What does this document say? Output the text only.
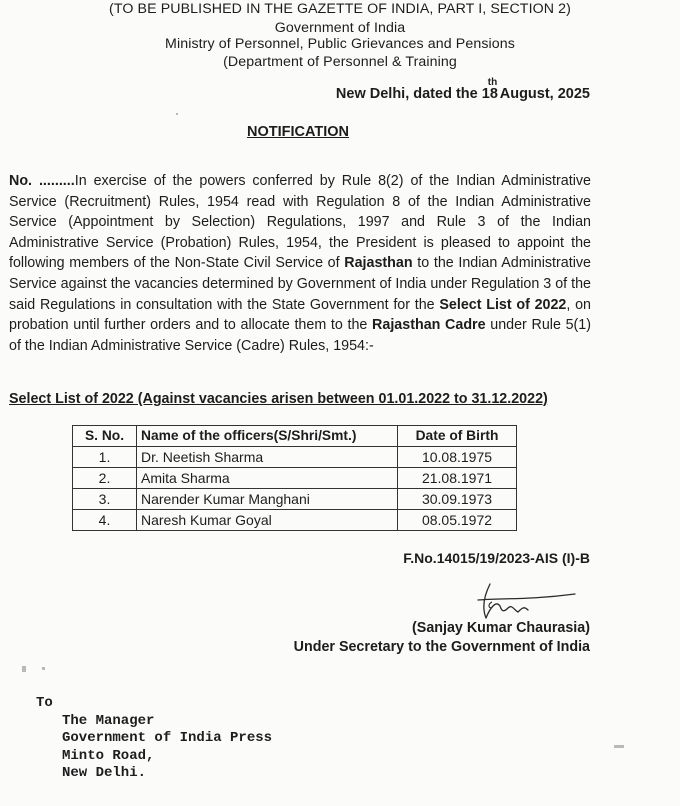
(TO BE PUBLISHED IN THE GAZETTE OF INDIA, PART I, SECTION 2)
Government of India
Ministry of Personnel, Public Grievances and Pensions
(Department of Personnel & Training
New Delhi, dated the 18
th
August, 2025
NOTIFICATION
No. .........In exercise of the powers conferred by Rule 8(2) of the Indian Administrative Service (Recruitment) Rules, 1954 read with Regulation 8 of the Indian Administrative Service (Appointment by Selection) Regulations, 1997 and Rule 3 of the Indian Administrative Service (Probation) Rules, 1954, the President is pleased to appoint the following members of the Non-State Civil Service of Rajasthan to the Indian Administrative Service against the vacancies determined by Government of India under Regulation 3 of the said Regulations in consultation with the State Government for the Select List of 2022, on probation until further orders and to allocate them to the Rajasthan Cadre under Rule 5(1) of the Indian Administrative Service (Cadre) Rules, 1954:-
Select List of 2022 (Against vacancies arisen between 01.01.2022 to 31.12.2022)
S. No.	Name of the officers(S/Shri/Smt.)	Date of Birth
1.	Dr. Neetish Sharma	10.08.1975
2.	Amita Sharma	21.08.1971
3.	Narender Kumar Manghani	30.09.1973
4.	Naresh Kumar Goyal	08.05.1972
F.No.14015/19/2023-AIS (I)-B
(Sanjay Kumar Chaurasia)
Under Secretary to the Government of India
To
The Manager
Government of India Press
Minto Road,
New Delhi.
